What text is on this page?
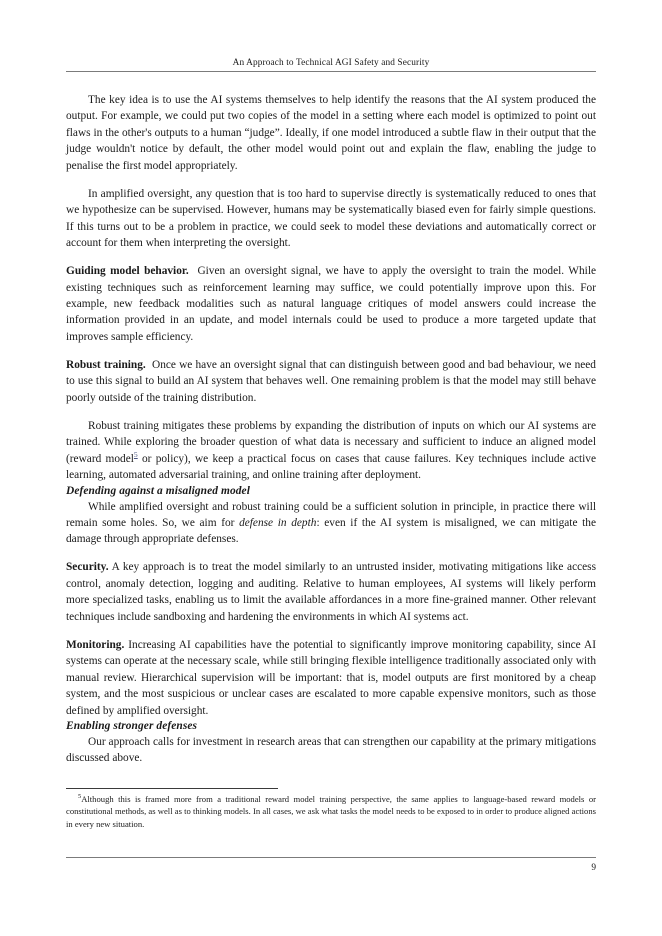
An Approach to Technical AGI Safety and Security

The key idea is to use the AI systems themselves to help identify the reasons that the AI system produced the output. For example, we could put two copies of the model in a setting where each model is optimized to point out flaws in the other's outputs to a human “judge”. Ideally, if one model introduced a subtle flaw in their output that the judge wouldn't notice by default, the other model would point out and explain the flaw, enabling the judge to penalise the first model appropriately.

In amplified oversight, any question that is too hard to supervise directly is systematically reduced to ones that we hypothesize can be supervised. However, humans may be systematically biased even for fairly simple questions. If this turns out to be a problem in practice, we could seek to model these deviations and automatically correct or account for them when interpreting the oversight.

Guiding model behavior. Given an oversight signal, we have to apply the oversight to train the model. While existing techniques such as reinforcement learning may suffice, we could potentially improve upon this. For example, new feedback modalities such as natural language critiques of model answers could increase the information provided in an update, and model internals could be used to produce a more targeted update that improves sample efficiency.

Robust training. Once we have an oversight signal that can distinguish between good and bad behaviour, we need to use this signal to build an AI system that behaves well. One remaining problem is that the model may still behave poorly outside of the training distribution.

Robust training mitigates these problems by expanding the distribution of inputs on which our AI systems are trained. While exploring the broader question of what data is necessary and sufficient to induce an aligned model (reward model$^5$ or policy), we keep a practical focus on cases that cause failures. Key techniques include active learning, automated adversarial training, and online training after deployment.

Defending against a misaligned model

While amplified oversight and robust training could be a sufficient solution in principle, in practice there will remain some holes. So, we aim for defense in depth: even if the AI system is misaligned, we can mitigate the damage through appropriate defenses.

Security. A key approach is to treat the model similarly to an untrusted insider, motivating mitigations like access control, anomaly detection, logging and auditing. Relative to human employees, AI systems will likely perform more specialized tasks, enabling us to limit the available affordances in a more fine-grained manner. Other relevant techniques include sandboxing and hardening the environments in which AI systems act.

Monitoring. Increasing AI capabilities have the potential to significantly improve monitoring capability, since AI systems can operate at the necessary scale, while still bringing flexible intelligence traditionally associated only with manual review. Hierarchical supervision will be important: that is, model outputs are first monitored by a cheap system, and the most suspicious or unclear cases are escalated to more capable expensive monitors, such as those defined by amplified oversight.

Enabling stronger defenses

Our approach calls for investment in research areas that can strengthen our capability at the primary mitigations discussed above.

$^5$Although this is framed more from a traditional reward model training perspective, the same applies to language-based reward models or constitutional methods, as well as to thinking models. In all cases, we ask what tasks the model needs to be exposed to in order to produce aligned actions in every new situation.

9
